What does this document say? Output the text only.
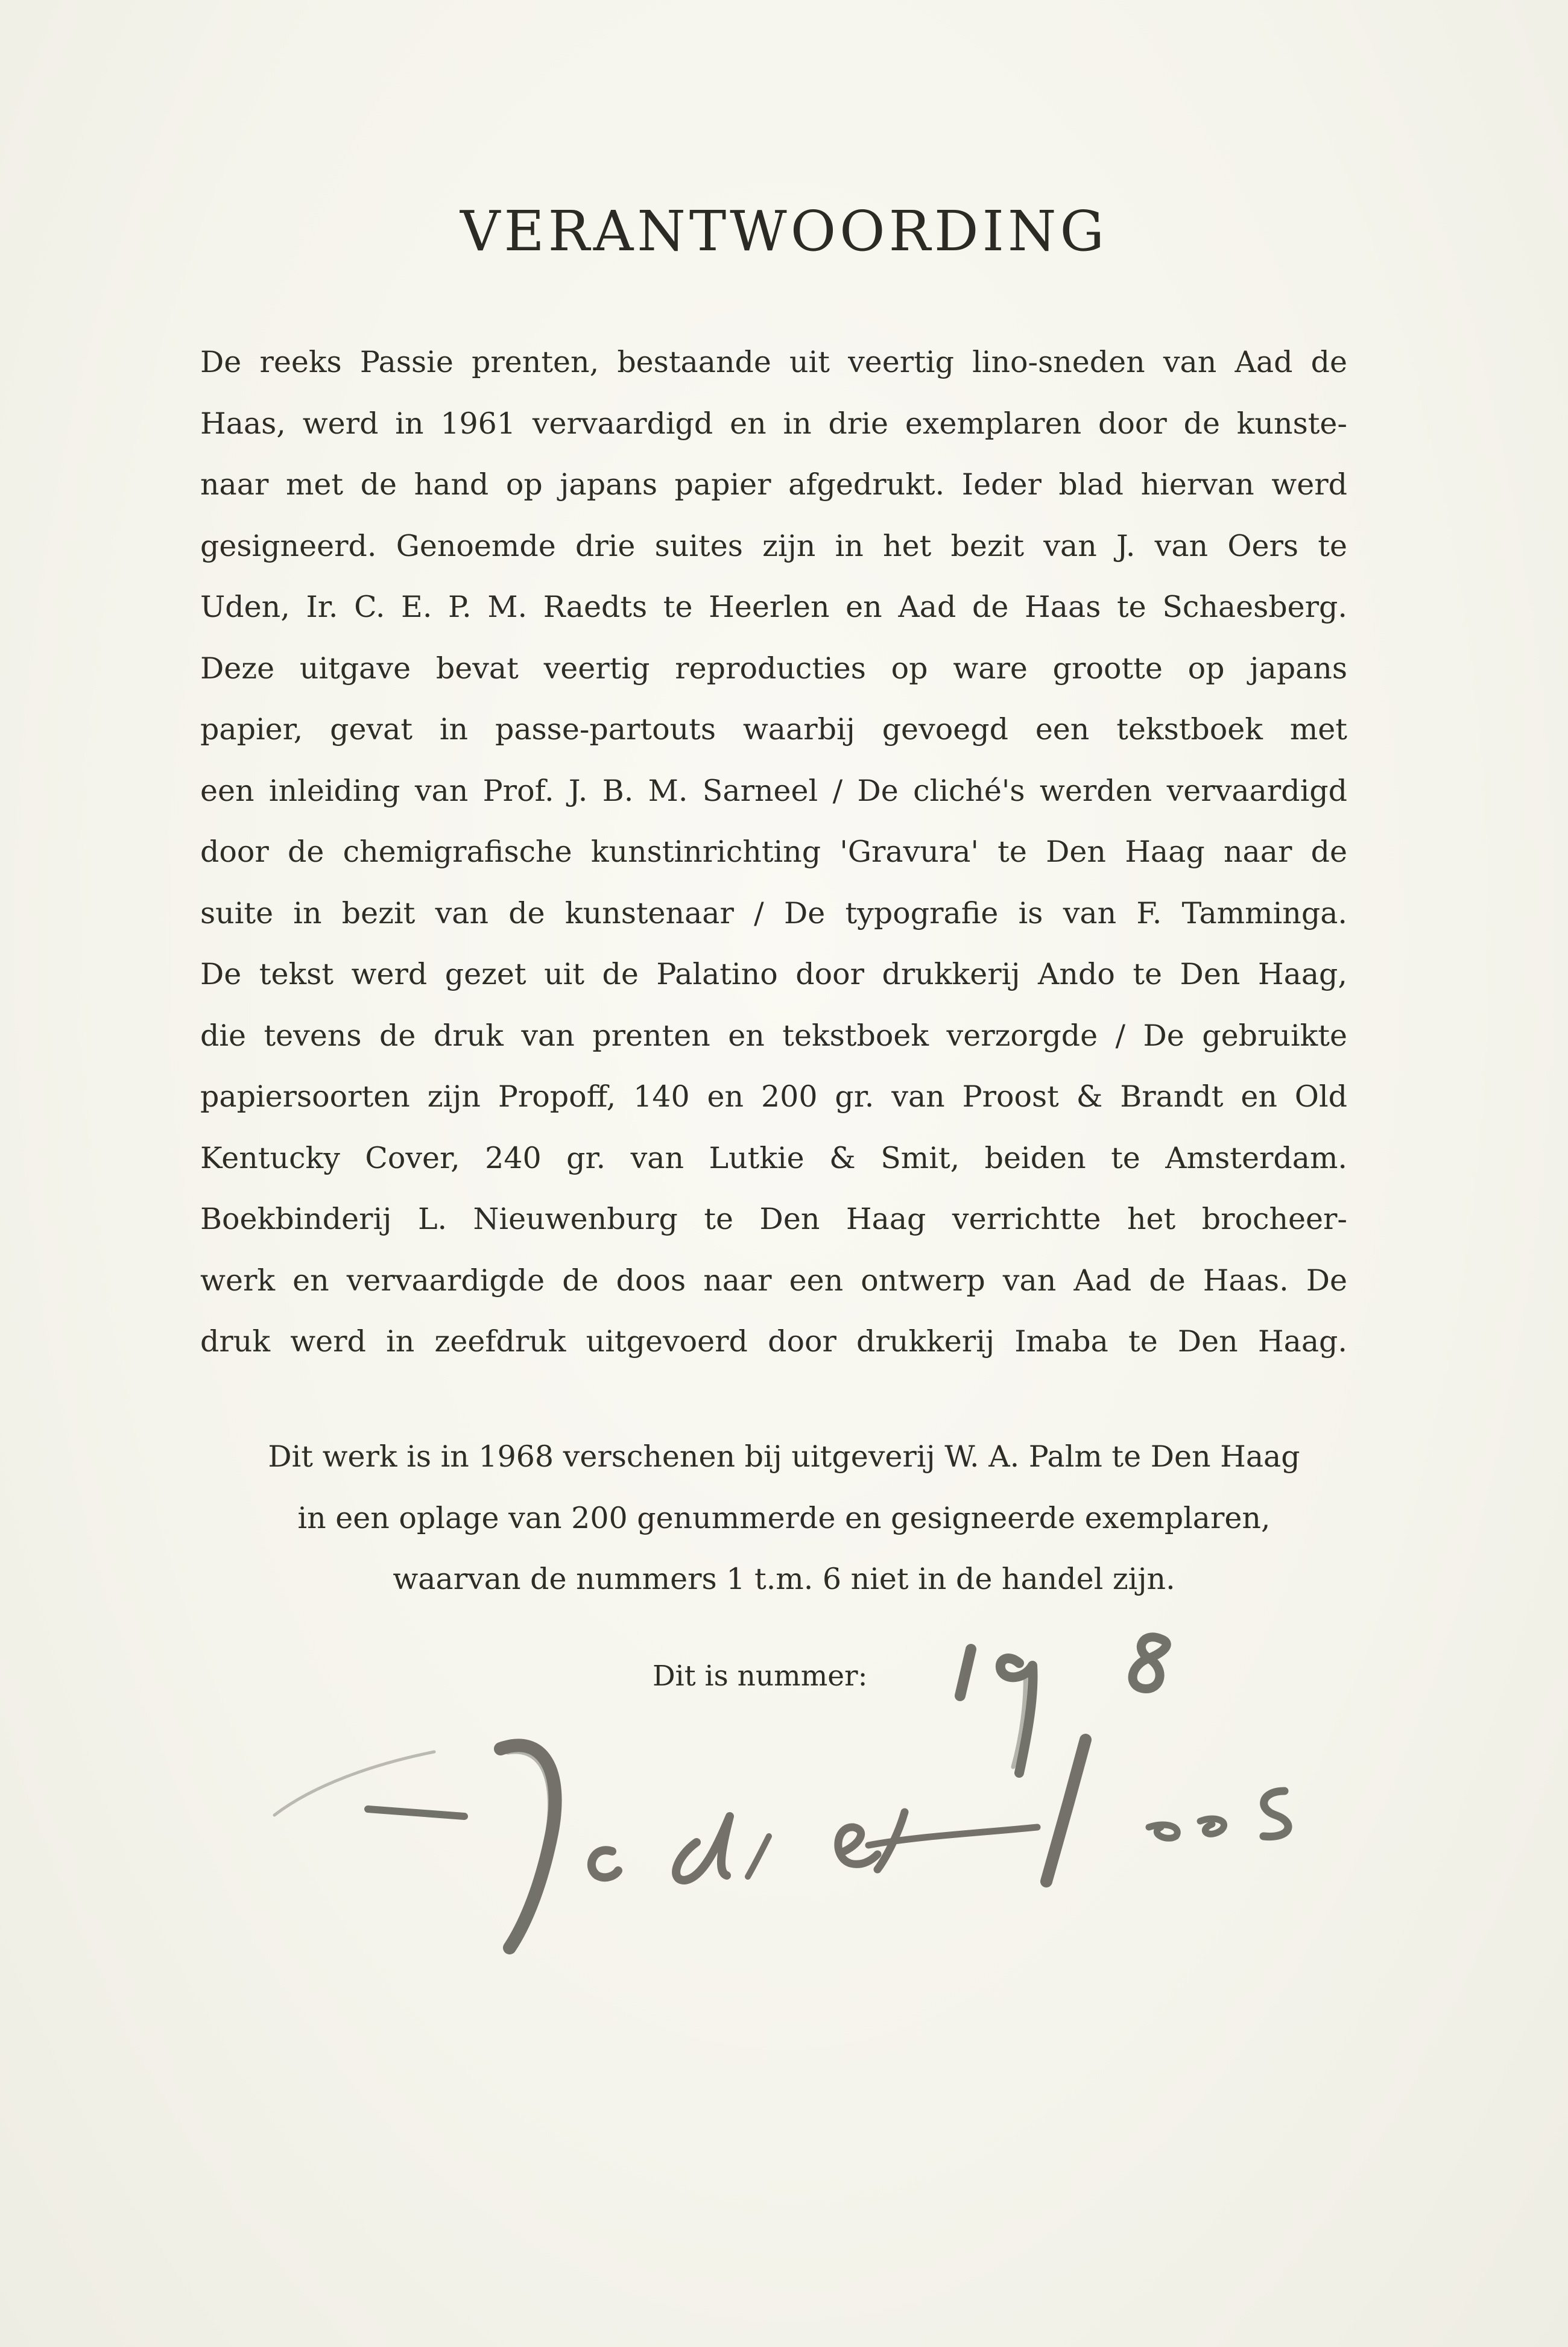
VERANTWOORDING
De reeks Passie prenten, bestaande uit veertig lino-sneden van Aad de
Haas, werd in 1961 vervaardigd en in drie exemplaren door de kunste-
naar met de hand op japans papier afgedrukt. Ieder blad hiervan werd
gesigneerd. Genoemde drie suites zijn in het bezit van J. van Oers te
Uden, Ir. C. E. P. M. Raedts te Heerlen en Aad de Haas te Schaesberg.
Deze uitgave bevat veertig reproducties op ware grootte op japans
papier, gevat in passe-partouts waarbij gevoegd een tekstboek met
een inleiding van Prof. J. B. M. Sarneel / De cliché's werden vervaardigd
door de chemigrafische kunstinrichting 'Gravura' te Den Haag naar de
suite in bezit van de kunstenaar / De typografie is van F. Tamminga.
De tekst werd gezet uit de Palatino door drukkerij Ando te Den Haag,
die tevens de druk van prenten en tekstboek verzorgde / De gebruikte
papiersoorten zijn Propoff, 140 en 200 gr. van Proost & Brandt en Old
Kentucky Cover, 240 gr. van Lutkie & Smit, beiden te Amsterdam.
Boekbinderij L. Nieuwenburg te Den Haag verrichtte het brocheer-
werk en vervaardigde de doos naar een ontwerp van Aad de Haas. De
druk werd in zeefdruk uitgevoerd door drukkerij Imaba te Den Haag.
Dit werk is in 1968 verschenen bij uitgeverij W. A. Palm te Den Haag
in een oplage van 200 genummerde en gesigneerde exemplaren,
waarvan de nummers 1 t.m. 6 niet in de handel zijn.
Dit is nummer:
